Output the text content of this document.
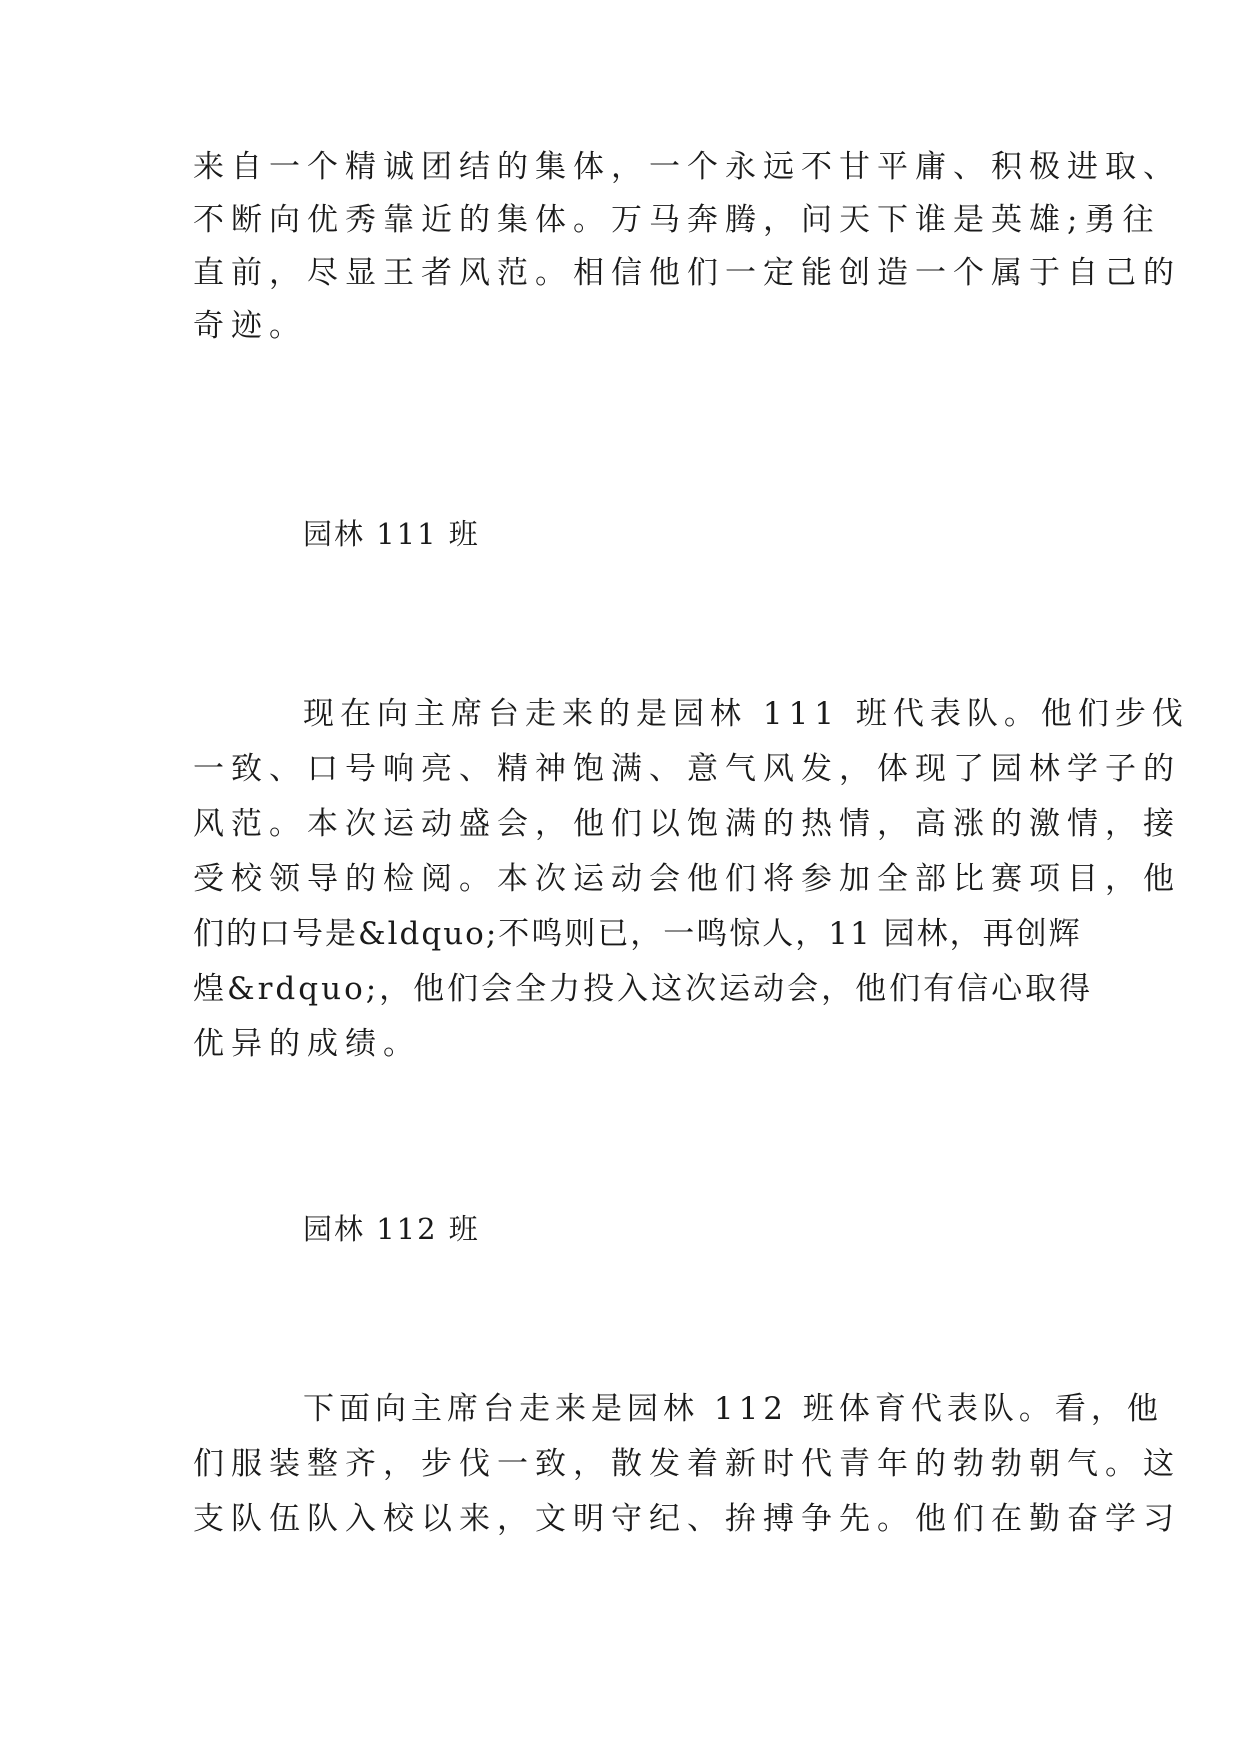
来自一个精诚团结的集体，一个永远不甘平庸、积极进取、
不断向优秀靠近的集体。万马奔腾，问天下谁是英雄;勇往
直前，尽显王者风范。相信他们一定能创造一个属于自己的
奇迹。
园林 111 班
现在向主席台走来的是园林 111 班代表队。他们步伐
一致、口号响亮、精神饱满、意气风发，体现了园林学子的
风范。本次运动盛会，他们以饱满的热情，高涨的激情，接
受校领导的检阅。本次运动会他们将参加全部比赛项目，他
们的口号是&ldquo;不鸣则已，一鸣惊人，11 园林，再创辉
煌&rdquo;，他们会全力投入这次运动会，他们有信心取得
优异的成绩。
园林 112 班
下面向主席台走来是园林 112 班体育代表队。看，他
们服装整齐，步伐一致，散发着新时代青年的勃勃朝气。这
支队伍队入校以来，文明守纪、拚搏争先。他们在勤奋学习
